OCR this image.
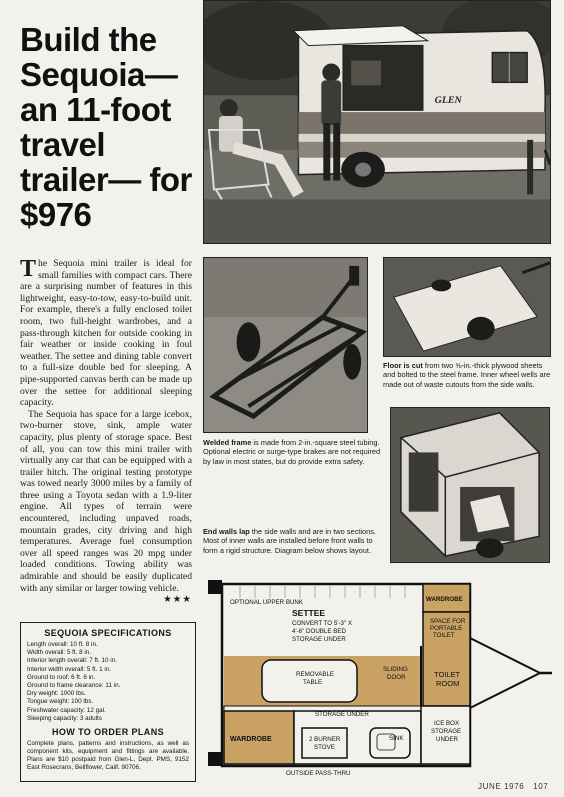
Build the Sequoia— an 11-foot travel trailer— for $976
GLEN
Floor is cut from two ⅝-in.-thick plywood sheets and bolted to the steel frame. Inner wheel wells are made out of waste cutouts from the side walls.
Welded frame is made from 2-in.-square steel tubing. Optional electric or surge-type brakes are not required by law in most states, but do provide extra safety.
End walls lap the side walls and are in two sections. Most of inner walls are installed before front walls to form a rigid structure. Diagram below shows layout.

The Sequoia mini trailer is ideal for small families with compact cars. There are a surprising number of features in this lightweight, easy-to-tow, easy-to-build unit. For example, there's a fully enclosed toilet room, two full-height wardrobes, and a pass-through kitchen for outside cooking in fair weather or inside cooking in foul weather. The settee and dining table convert to a full-size double bed for sleeping. A pipe-supported canvas berth can be made up over the settee for additional sleeping capacity.

The Sequoia has space for a large icebox, two-burner stove, sink, ample water capacity, plus plenty of storage space. Best of all, you can tow this mini trailer with virtually any car that can be equipped with a trailer hitch. The original testing prototype was towed nearly 3000 miles by a family of three using a Toyota sedan with a 1.9-liter engine. All types of terrain were encountered, including unpaved roads, mountain grades, city driving and high temperatures. Average fuel consumption over all speed ranges was 20 mpg under loaded conditions. Towing ability was admirable and should be easily duplicated with any similar or larger towing vehicle.
★★★

SEQUOIA SPECIFICATIONS
Length overall: 10 ft. 8 in.
Width overall: 5 ft. 8 in.
Interior length overall: 7 ft. 10 in.
Interior width overall: 5 ft. 1 in.
Ground to roof: 6 ft. 6 in.
Ground to frame clearance: 11 in.
Dry weight: 1000 lbs.
Tongue weight: 100 lbs.
Freshwater capacity: 12 gal.
Sleeping capacity: 3 adults
HOW TO ORDER PLANS
Complete plans, patterns and instructions, as well as component kits, equipment and fittings are available. Plans are $10 postpaid from Glen-L, Dept. PMS, 9152 East Rosecrans, Bellflower, Calif. 90706.
OPTIONAL UPPER BUNK
SETTEE
CONVERT TO 5'-3" X
4'-6" DOUBLE BED
STORAGE UNDER
WARDROBE
SPACE FOR
PORTABLE
TOILET
REMOVABLE
TABLE
SLIDING
DOOR	TOILET
ROOM
STORAGE UNDER
WARDROBE	2 BURNER
STOVE
SINK
ICE BOX
STORAGE
UNDER
OUTSIDE PASS-THRU
JUNE 1976 107
